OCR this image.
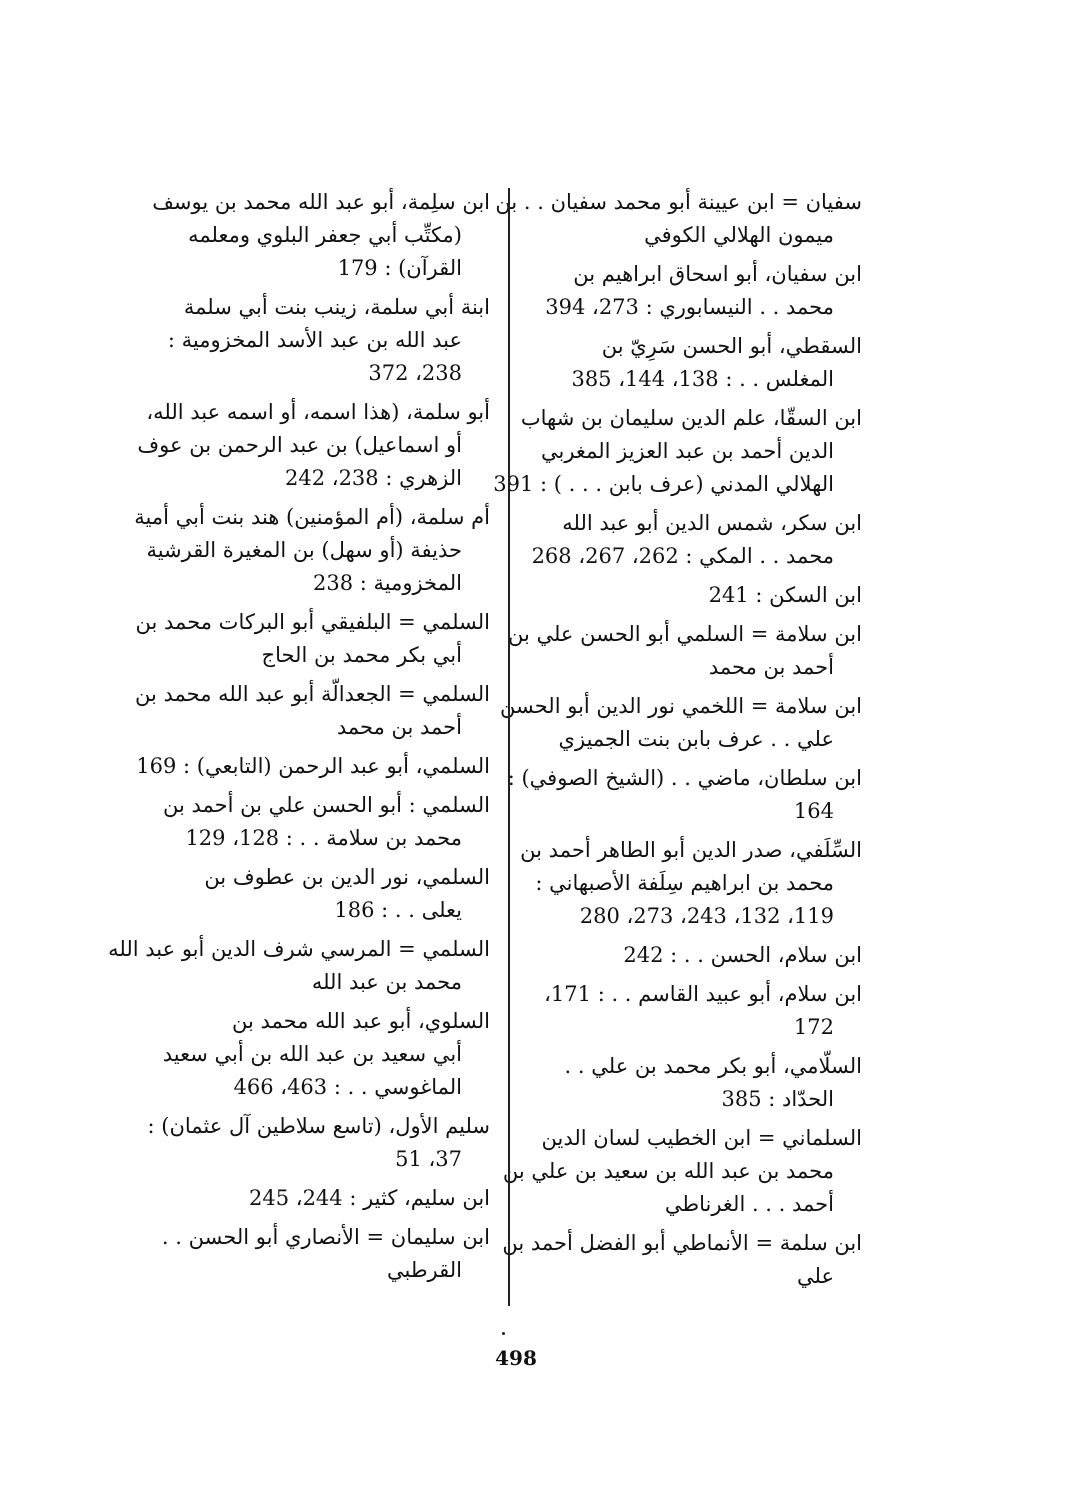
سفيان = ابن عيينة أبو محمد سفيان . . بن
ميمون الهلالي الكوفي
ابن سفيان، أبو اسحاق ابراهيم بن
محمد . . النيسابوري : 273، 394
السقطي، أبو الحسن سَرِيّ بن
المغلس . . : 138، 144، 385
ابن السقّا، علم الدين سليمان بن شهاب
الدين أحمد بن عبد العزيز المغربي
الهلالي المدني (عرف بابن . . . ) : 391
ابن سكر، شمس الدين أبو عبد الله
محمد . . المكي : 262، 267، 268
ابن السكن : 241
ابن سلامة = السلمي أبو الحسن علي بن
أحمد بن محمد
ابن سلامة = اللخمي نور الدين أبو الحسن
علي . . عرف بابن بنت الجميزي
ابن سلطان، ماضي . . (الشيخ الصوفي) :
164
السِّلَفي، صدر الدين أبو الطاهر أحمد بن
محمد بن ابراهيم سِلَفة الأصبهاني :
119، 132، 243، 273، 280
ابن سلام، الحسن . . : 242
ابن سلام، أبو عبيد القاسم . . : 171،
172
السلّامي، أبو بكر محمد بن علي . .
الحدّاد : 385
السلماني = ابن الخطيب لسان الدين
محمد بن عبد الله بن سعيد بن علي بن
أحمد . . . الغرناطي
ابن سلمة = الأنماطي أبو الفضل أحمد بن
علي
ابن سلِمة، أبو عبد الله محمد بن يوسف
(مكتِّب أبي جعفر البلوي ومعلمه
القرآن) : 179
ابنة أبي سلمة، زينب بنت أبي سلمة
عبد الله بن عبد الأسد المخزومية :
238، 372
أبو سلمة، (هذا اسمه، أو اسمه عبد الله،
أو اسماعيل) بن عبد الرحمن بن عوف
الزهري : 238، 242
أم سلمة، (أم المؤمنين) هند بنت أبي أمية
حذيفة (أو سهل) بن المغيرة القرشية
المخزومية : 238
السلمي = البلفيقي أبو البركات محمد بن
أبي بكر محمد بن الحاج
السلمي = الجعدالّة أبو عبد الله محمد بن
أحمد بن محمد
السلمي، أبو عبد الرحمن (التابعي) : 169
السلمي : أبو الحسن علي بن أحمد بن
محمد بن سلامة . . : 128، 129
السلمي، نور الدين بن عطوف بن
يعلى . . : 186
السلمي = المرسي شرف الدين أبو عبد الله
محمد بن عبد الله
السلوي، أبو عبد الله محمد بن
أبي سعيد بن عبد الله بن أبي سعيد
الماغوسي . . : 463، 466
سليم الأول، (تاسع سلاطين آل عثمان) :
37، 51
ابن سليم، كثير : 244، 245
ابن سليمان = الأنصاري أبو الحسن . .
القرطبي
498
